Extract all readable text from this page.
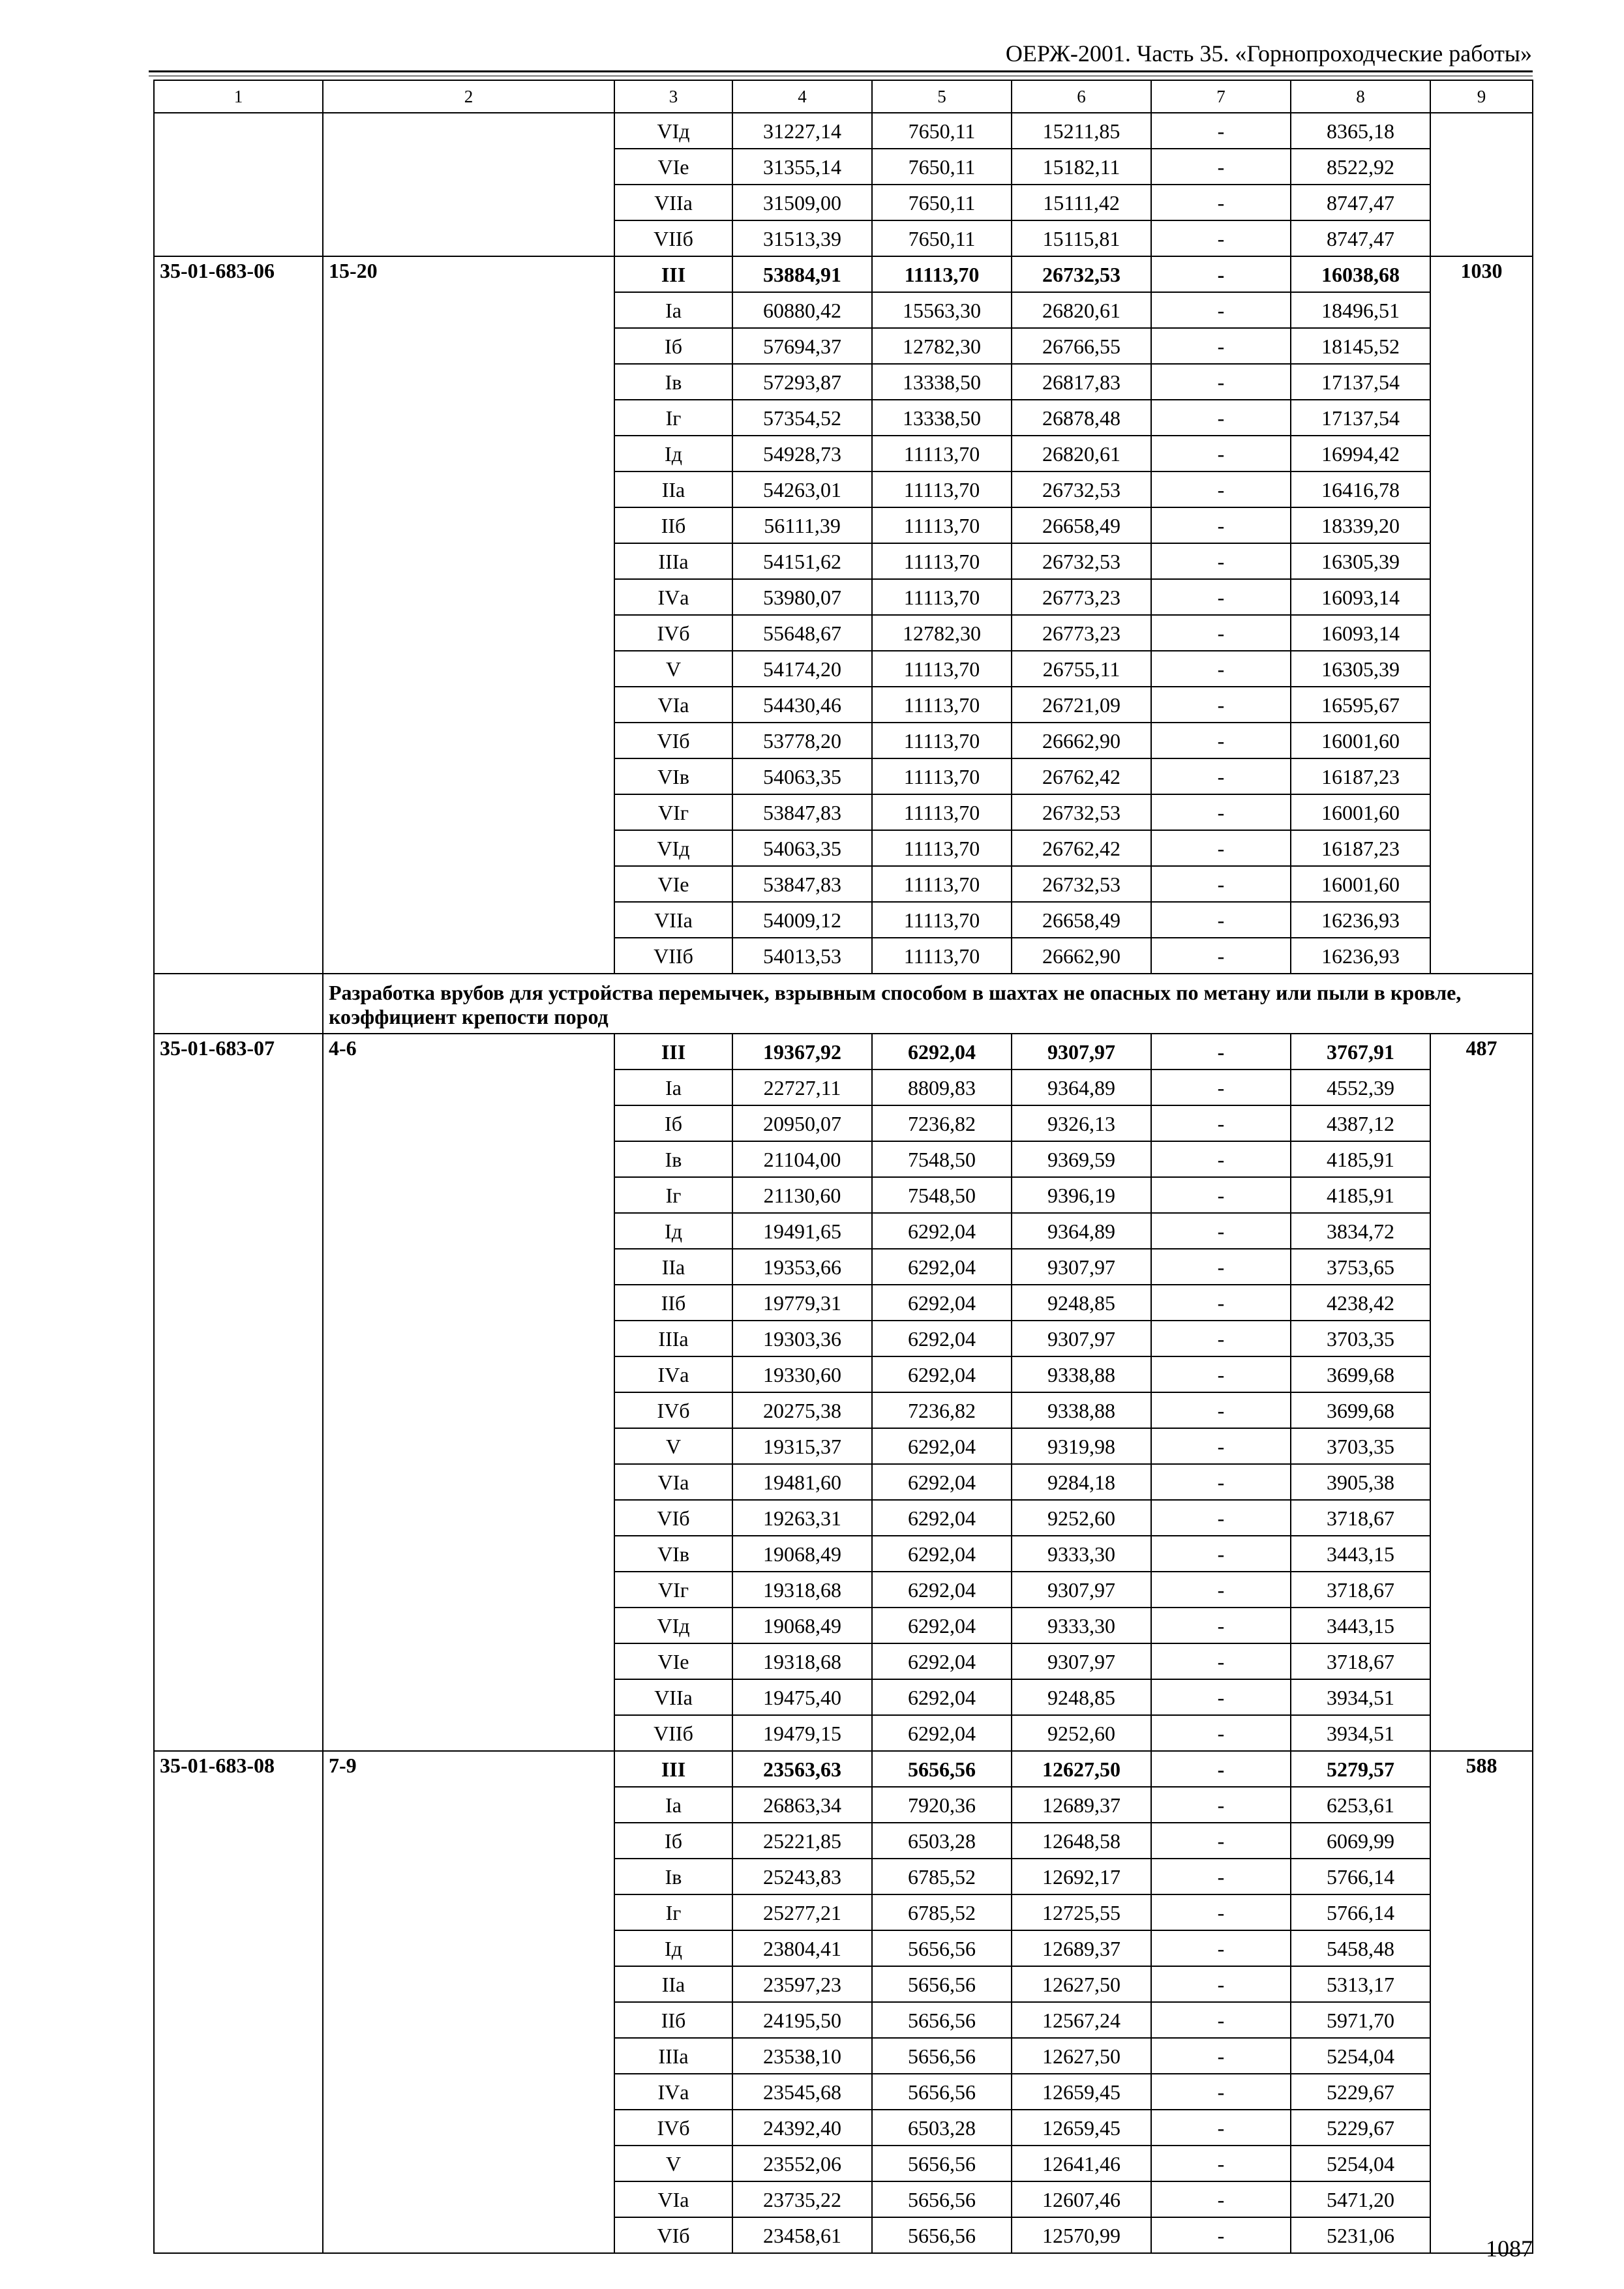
ОЕРЖ-2001. Часть 35. «Горнопроходческие работы»
1	2	3	4	5	6	7	8	9
		VIд	31227,14	7650,11	15211,85	-	8365,18	
		VIе	31355,14	7650,11	15182,11	-	8522,92	
		VIIа	31509,00	7650,11	15111,42	-	8747,47	
		VIIб	31513,39	7650,11	15115,81	-	8747,47	
35-01-683-06	15-20	III	53884,91	11113,70	26732,53	-	16038,68	1030
		Iа	60880,42	15563,30	26820,61	-	18496,51	
		Iб	57694,37	12782,30	26766,55	-	18145,52	
		Iв	57293,87	13338,50	26817,83	-	17137,54	
		Iг	57354,52	13338,50	26878,48	-	17137,54	
		Iд	54928,73	11113,70	26820,61	-	16994,42	
		IIа	54263,01	11113,70	26732,53	-	16416,78	
		IIб	56111,39	11113,70	26658,49	-	18339,20	
		IIIа	54151,62	11113,70	26732,53	-	16305,39	
		IVа	53980,07	11113,70	26773,23	-	16093,14	
		IVб	55648,67	12782,30	26773,23	-	16093,14	
		V	54174,20	11113,70	26755,11	-	16305,39	
		VIа	54430,46	11113,70	26721,09	-	16595,67	
		VIб	53778,20	11113,70	26662,90	-	16001,60	
		VIв	54063,35	11113,70	26762,42	-	16187,23	
		VIг	53847,83	11113,70	26732,53	-	16001,60	
		VIд	54063,35	11113,70	26762,42	-	16187,23	
		VIе	53847,83	11113,70	26732,53	-	16001,60	
		VIIа	54009,12	11113,70	26658,49	-	16236,93	
		VIIб	54013,53	11113,70	26662,90	-	16236,93	
	Разработка врубов для устройства перемычек, взрывным способом в шахтах не опасных по метану или пыли в кровле, коэффициент крепости пород							
35-01-683-07	4-6	III	19367,92	6292,04	9307,97	-	3767,91	487
		Iа	22727,11	8809,83	9364,89	-	4552,39	
		Iб	20950,07	7236,82	9326,13	-	4387,12	
		Iв	21104,00	7548,50	9369,59	-	4185,91	
		Iг	21130,60	7548,50	9396,19	-	4185,91	
		Iд	19491,65	6292,04	9364,89	-	3834,72	
		IIа	19353,66	6292,04	9307,97	-	3753,65	
		IIб	19779,31	6292,04	9248,85	-	4238,42	
		IIIа	19303,36	6292,04	9307,97	-	3703,35	
		IVа	19330,60	6292,04	9338,88	-	3699,68	
		IVб	20275,38	7236,82	9338,88	-	3699,68	
		V	19315,37	6292,04	9319,98	-	3703,35	
		VIа	19481,60	6292,04	9284,18	-	3905,38	
		VIб	19263,31	6292,04	9252,60	-	3718,67	
		VIв	19068,49	6292,04	9333,30	-	3443,15	
		VIг	19318,68	6292,04	9307,97	-	3718,67	
		VIд	19068,49	6292,04	9333,30	-	3443,15	
		VIе	19318,68	6292,04	9307,97	-	3718,67	
		VIIа	19475,40	6292,04	9248,85	-	3934,51	
		VIIб	19479,15	6292,04	9252,60	-	3934,51	
35-01-683-08	7-9	III	23563,63	5656,56	12627,50	-	5279,57	588
		Iа	26863,34	7920,36	12689,37	-	6253,61	
		Iб	25221,85	6503,28	12648,58	-	6069,99	
		Iв	25243,83	6785,52	12692,17	-	5766,14	
		Iг	25277,21	6785,52	12725,55	-	5766,14	
		Iд	23804,41	5656,56	12689,37	-	5458,48	
		IIа	23597,23	5656,56	12627,50	-	5313,17	
		IIб	24195,50	5656,56	12567,24	-	5971,70	
		IIIа	23538,10	5656,56	12627,50	-	5254,04	
		IVа	23545,68	5656,56	12659,45	-	5229,67	
		IVб	24392,40	6503,28	12659,45	-	5229,67	
		V	23552,06	5656,56	12641,46	-	5254,04	
		VIа	23735,22	5656,56	12607,46	-	5471,20	
		VIб	23458,61	5656,56	12570,99	-	5231,06	
1087
